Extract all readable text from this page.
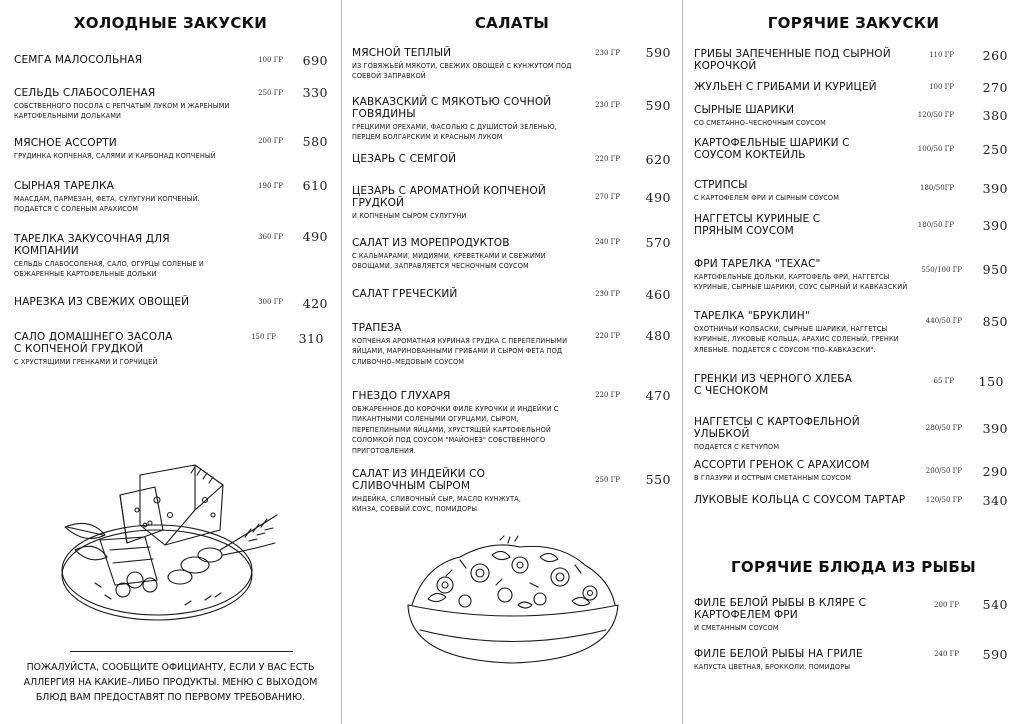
ХОЛОДНЫЕ ЗАКУСКИ
СЕМГА МАЛОСОЛЬНАЯ	100 ГР 690
СЕЛЬДЬ СЛАБОСОЛЕНАЯ
СОБСТВЕННОГО ПОСОЛА С РЕПЧАТЫМ ЛУКОМ И ЖАРЕНЫМИ КАРТОФЕЛЬНЫМИ ДОЛЬКАМИ
250 ГР 330
МЯСНОЕ АССОРТИ
ГРУДИНКА КОПЧЕНАЯ, САЛЯМИ И КАРБОНАД КОПЧЕНЫЙ
200 ГР 580
СЫРНАЯ ТАРЕЛКА
МААСДАМ, ПАРМЕЗАН, ФЕТА, СУЛУГУНИ КОПЧЕНЫЙ. ПОДАЕТСЯ С СОЛЕНЫМ АРАХИСОМ
190 ГР 610
ТАРЕЛКА ЗАКУСОЧНАЯ ДЛЯ КОМПАНИИ
СЕЛЬДЬ СЛАБОСОЛЕНАЯ, САЛО, ОГУРЦЫ СОЛЕНЫЕ И ОБЖАРЕННЫЕ КАРТОФЕЛЬНЫЕ ДОЛЬКИ
360 ГР 490
НАРЕЗКА ИЗ СВЕЖИХ ОВОЩЕЙ	300 ГР 420
САЛО ДОМАШНЕГО ЗАСОЛА С КОПЧЕНОЙ ГРУДКОЙ
С ХРУСТЯЩИМИ ГРЕНКАМИ И ГОРЧИЦЕЙ
150 ГР 310
ПОЖАЛУЙСТА, СООБЩИТЕ ОФИЦИАНТУ, ЕСЛИ У ВАС ЕСТЬ АЛЛЕРГИЯ НА КАКИЕ–ЛИБО ПРОДУКТЫ. МЕНЮ С ВЫХОДОМ БЛЮД ВАМ ПРЕДОСТАВЯТ ПО ПЕРВОМУ ТРЕБОВАНИЮ.
САЛАТЫ
МЯСНОЙ ТЕПЛЫЙ
ИЗ ГОВЯЖЬЕЙ МЯКОТИ, СВЕЖИХ ОВОЩЕЙ С КУНЖУТОМ ПОД СОЕВОЙ ЗАПРАВКОЙ
230 ГР 590
КАВКАЗСКИЙ С МЯКОТЬЮ СОЧНОЙ ГОВЯДИНЫ
ГРЕЦКИМИ ОРЕХАМИ, ФАСОЛЬЮ С ДУШИСТОЙ ЗЕЛЕНЬЮ, ПЕРЦЕМ БОЛГАРСКИМ И КРАСНЫМ ЛУКОМ
230 ГР 590
ЦЕЗАРЬ С СЕМГОЙ	220 ГР 620
ЦЕЗАРЬ С АРОМАТНОЙ КОПЧЕНОЙ ГРУДКОЙ
И КОПЧЕНЫМ СЫРОМ СУЛУГУНИ
270 ГР 490
САЛАТ ИЗ МОРЕПРОДУКТОВ
С КАЛЬМАРАМИ, МИДИЯМИ, КРЕВЕТКАМИ И СВЕЖИМИ ОВОЩАМИ, ЗАПРАВЛЯЕТСЯ ЧЕСНОЧНЫМ СОУСОМ
240 ГР 570
САЛАТ ГРЕЧЕСКИЙ	230 ГР 460
ТРАПЕЗА
КОПЧЕНАЯ АРОМАТНАЯ КУРИНАЯ ГРУДКА С ПЕРЕПЕЛИНЫМИ ЯЙЦАМИ, МАРИНОВАННЫМИ ГРИБАМИ И СЫРОМ ФЕТА ПОД СЛИВОЧНО–МЕДОВЫМ СОУСОМ
220 ГР 480
ГНЕЗДО ГЛУХАРЯ
ОБЖАРЕННОЕ ДО КОРОЧКИ ФИЛЕ КУРОЧКИ И ИНДЕЙКИ С ПИКАНТНЫМИ СОЛЕНЫМИ ОГУРЦАМИ, СЫРОМ, ПЕРЕПЕЛИНЫМИ ЯЙЦАМИ, ХРУСТЯЩЕЙ КАРТОФЕЛЬНОЙ СОЛОМКОЙ ПОД СОУСОМ "МАЙОНЕЗ" СОБСТВЕННОГО ПРИГОТОВЛЕНИЯ.
220 ГР 470
САЛАТ ИЗ ИНДЕЙКИ СО СЛИВОЧНЫМ СЫРОМ
ИНДЕЙКА, СЛИВОЧНЫЙ СЫР, МАСЛО КУНЖУТА, КИНЗА, СОЕВЫЙ СОУС, ПОМИДОРЫ
250 ГР 550
ГОРЯЧИЕ ЗАКУСКИ
ГРИБЫ ЗАПЕЧЕННЫЕ ПОД СЫРНОЙ КОРОЧКОЙ
110 ГР 260
ЖУЛЬЕН С ГРИБАМИ И КУРИЦЕЙ	100 ГР 270
СЫРНЫЕ ШАРИКИ
СО СМЕТАННО–ЧЕСНОЧНЫМ СОУСОМ
120/50 ГР 380
КАРТОФЕЛЬНЫЕ ШАРИКИ С СОУСОМ КОКТЕЙЛЬ	100/50 ГР 250
СТРИПСЫ
С КАРТОФЕЛЕМ ФРИ И СЫРНЫМ СОУСОМ
180/50ГР 390
НАГГЕТСЫ КУРИНЫЕ С ПРЯНЫМ СОУСОМ	180/50 ГР 390
ФРИ ТАРЕЛКА "ТЕХАС"
КАРТОФЕЛЬНЫЕ ДОЛЬКИ, КАРТОФЕЛЬ ФРИ, НАГГЕТСЫ КУРИНЫЕ, СЫРНЫЕ ШАРИКИ, СОУС СЫРНЫЙ И КАВКАЗСКИЙ
550/100 ГР 950
ТАРЕЛКА "БРУКЛИН"
ОХОТНИЧЬИ КОЛБАСКИ, СЫРНЫЕ ШАРИКИ, НАГГЕТСЫ КУРИНЫЕ, ЛУКОВЫЕ КОЛЬЦА, АРАХИС СОЛЕНЫЙ, ГРЕНКИ ХЛЕБНЫЕ. ПОДАЕТСЯ С СОУСОМ "ПО–КАВКАЗСКИ".
440/50 ГР 850
ГРЕНКИ ИЗ ЧЕРНОГО ХЛЕБА С ЧЕСНОКОМ
65 ГР 150
НАГГЕТСЫ С КАРТОФЕЛЬНОЙ УЛЫБКОЙ
ПОДАЕТСЯ С КЕТЧУПОМ
280/50 ГР 390
АССОРТИ ГРЕНОК С АРАХИСОМ
В ГЛАЗУРИ И ОСТРЫМ СМЕТАННЫМ СОУСОМ
200/50 ГР 290
ЛУКОВЫЕ КОЛЬЦА С СОУСОМ ТАРТАР	120/50 ГР 340
ГОРЯЧИЕ БЛЮДА ИЗ РЫБЫ
ФИЛЕ БЕЛОЙ РЫБЫ В КЛЯРЕ С КАРТОФЕЛЕМ ФРИ
И СМЕТАННЫМ СОУСОМ
200 ГР 540
ФИЛЕ БЕЛОЙ РЫБЫ НА ГРИЛЕ
КАПУСТА ЦВЕТНАЯ, БРОККОЛИ, ПОМИДОРЫ
240 ГР 590
